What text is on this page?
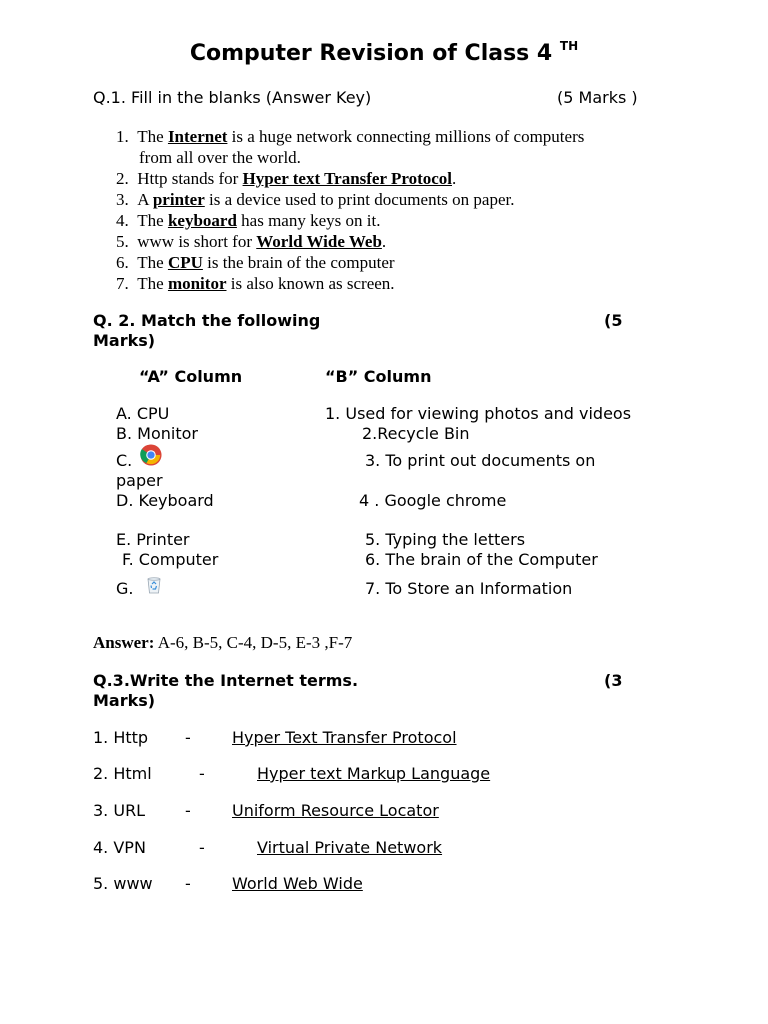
Computer Revision of Class 4 $^{TH}$
Q.1. Fill in the blanks (Answer Key)	(5 Marks )
1. The Internet is a huge network connecting millions of computers
from all over the world.
2. Http stands for Hyper text Transfer Protocol.
3. A printer is a device used to print documents on paper.
4. The keyboard has many keys on it.
5. www is short for World Wide Web.
6. The CPU is the brain of the computer
7. The monitor is also known as screen.
Q. 2. Match the following	(5
Marks)
“A” Column	“B” Column
A. CPU	1. Used for viewing photos and videos
B. Monitor	2.Recycle Bin
C.	3. To print out documents on
paper
D. Keyboard	4 . Google chrome
E. Printer	5. Typing the letters
F. Computer	6. The brain of the Computer
G.	7. To Store an Information
Answer: A-6, B-5, C-4, D-5, E-3 ,F-7
Q.3.Write the Internet terms.	(3
Marks)
1. Http -	Hyper Text Transfer Protocol
2. Html	-	Hyper text Markup Language
3. URL -	Uniform Resource Locator
4. VPN	-	Virtual Private Network
5. www -	World Web Wide
